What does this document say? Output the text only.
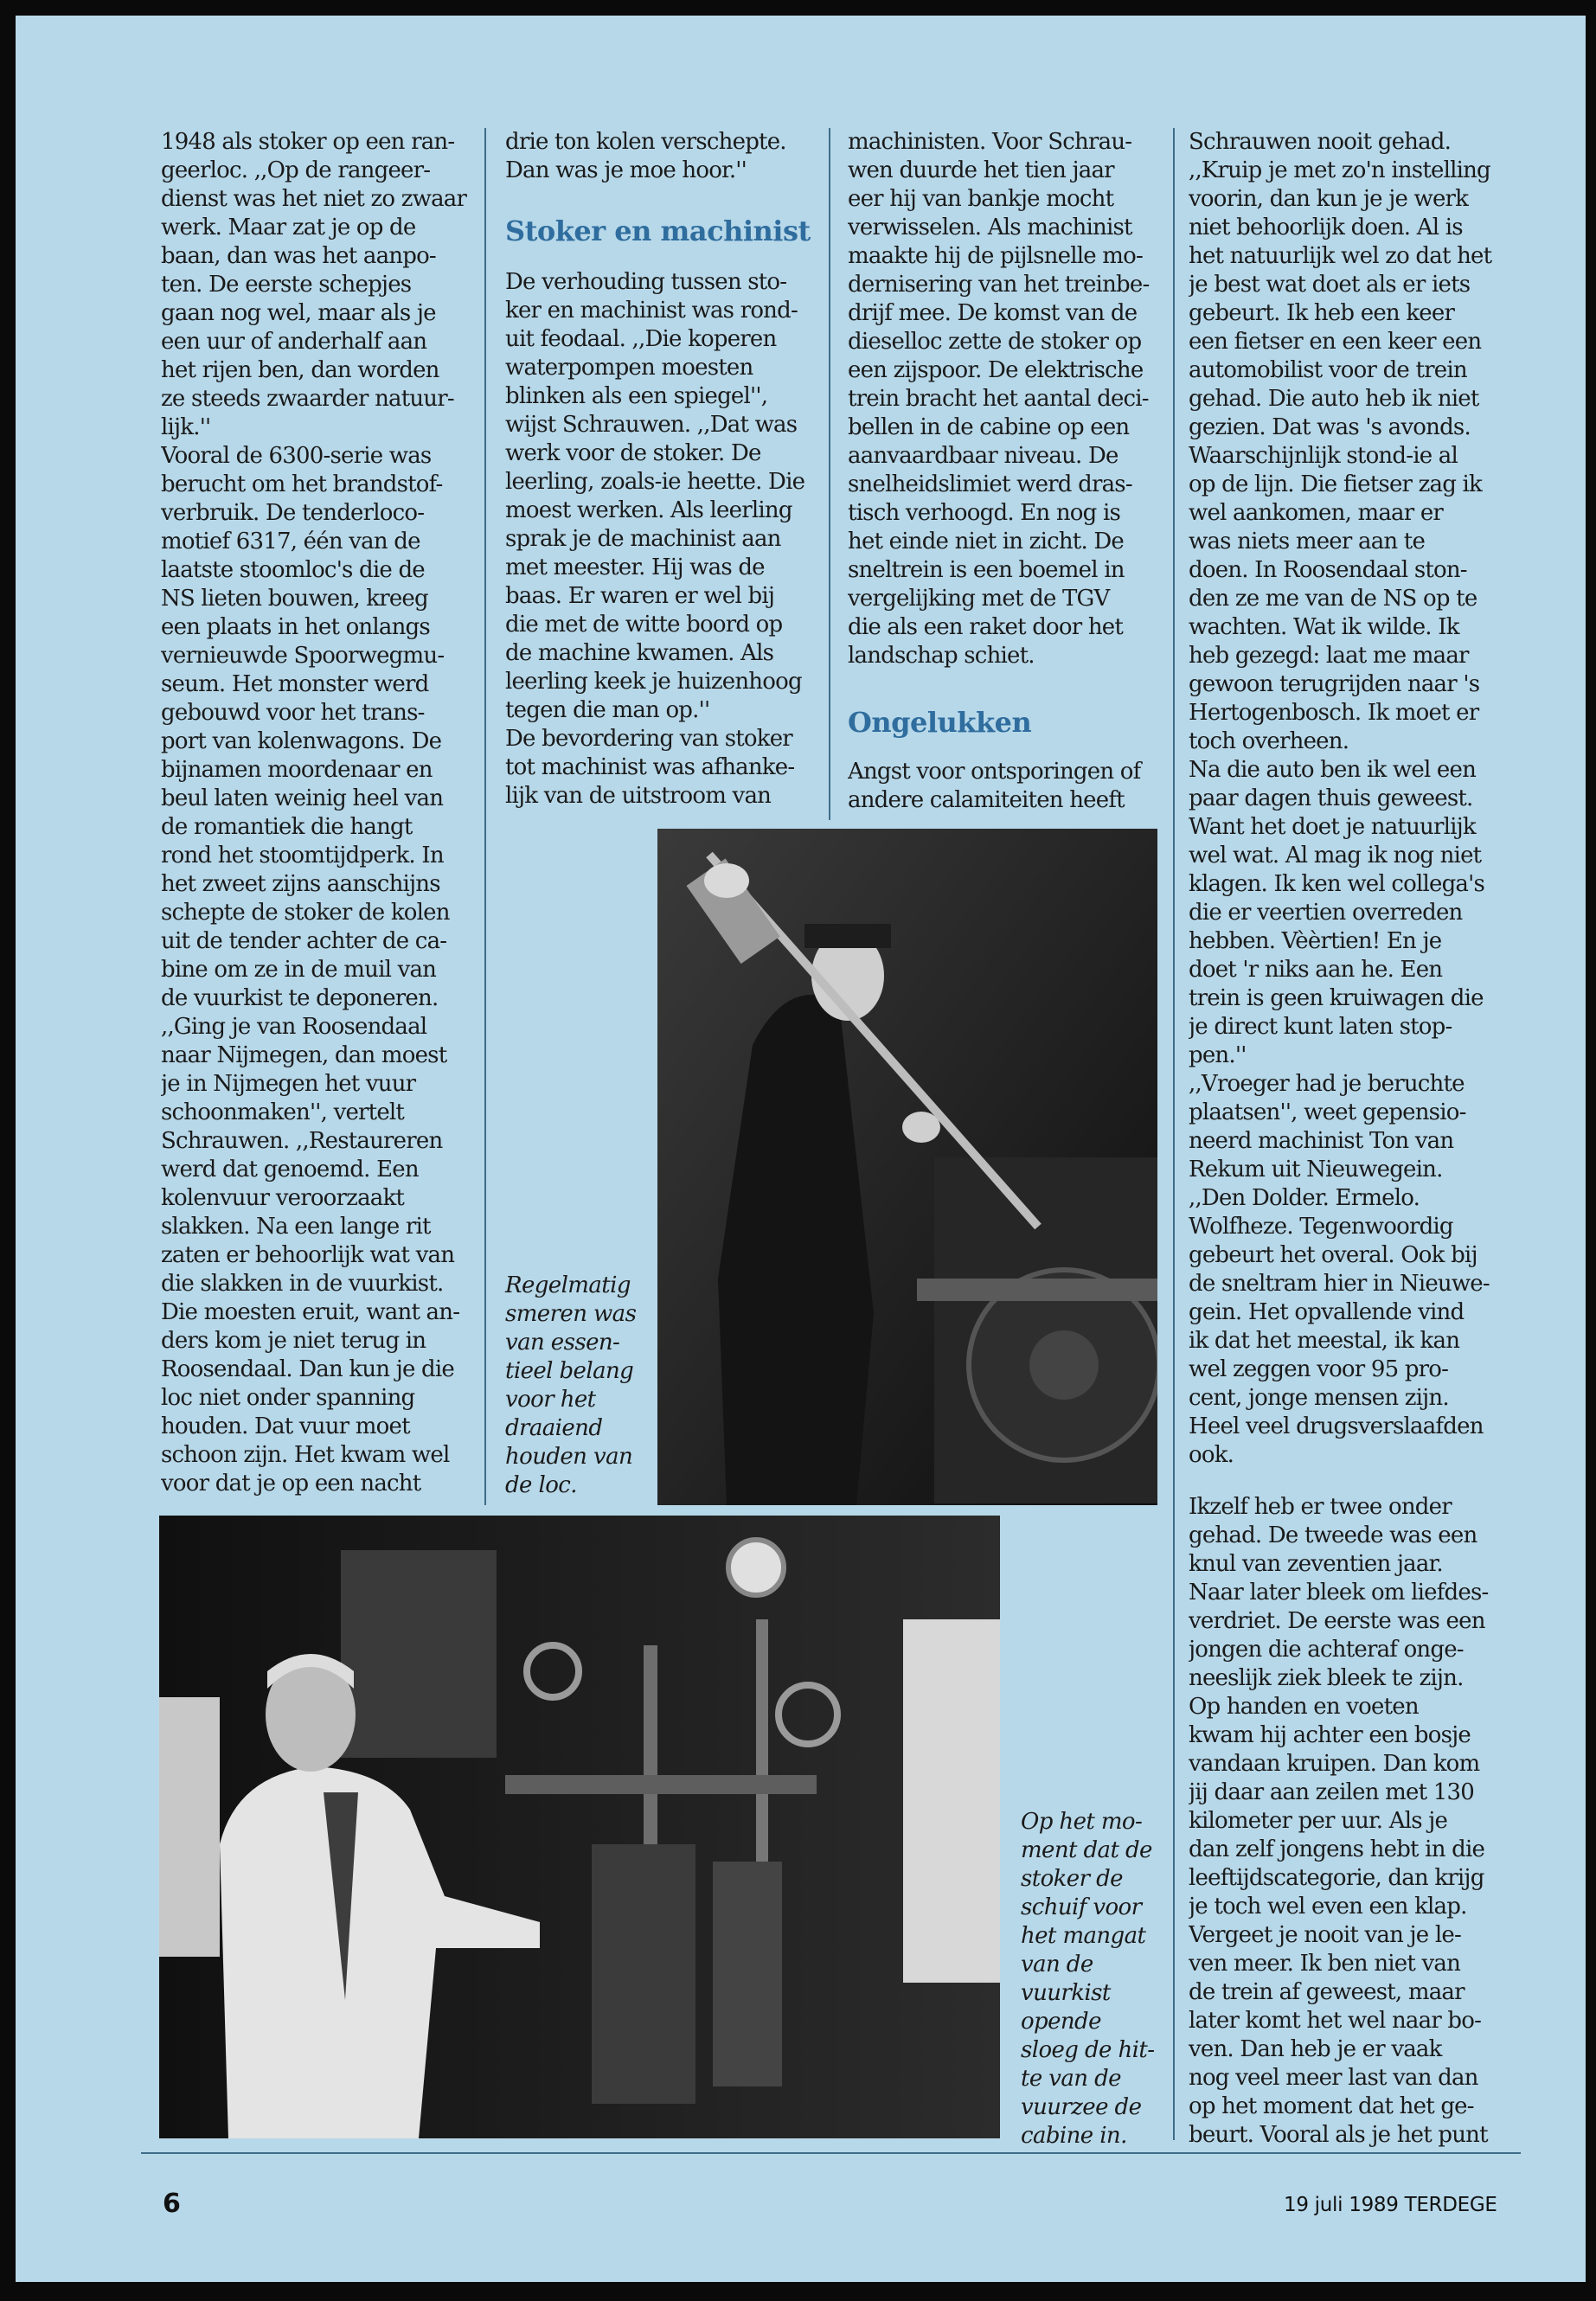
1948 als stoker op een ran-
geerloc. ,,Op de rangeer-
dienst was het niet zo zwaar
werk. Maar zat je op de
baan, dan was het aanpo-
ten. De eerste schepjes
gaan nog wel, maar als je
een uur of anderhalf aan
het rijen ben, dan worden
ze steeds zwaarder natuur-
lijk.''
Vooral de 6300-serie was
berucht om het brandstof-
verbruik. De tenderloco-
motief 6317, één van de
laatste stoomloc's die de
NS lieten bouwen, kreeg
een plaats in het onlangs
vernieuwde Spoorwegmu-
seum. Het monster werd
gebouwd voor het trans-
port van kolenwagons. De
bijnamen moordenaar en
beul laten weinig heel van
de romantiek die hangt
rond het stoomtijdperk. In
het zweet zijns aanschijns
schepte de stoker de kolen
uit de tender achter de ca-
bine om ze in de muil van
de vuurkist te deponeren.
,,Ging je van Roosendaal
naar Nijmegen, dan moest
je in Nijmegen het vuur
schoonmaken'', vertelt
Schrauwen. ,,Restaureren
werd dat genoemd. Een
kolenvuur veroorzaakt
slakken. Na een lange rit
zaten er behoorlijk wat van
die slakken in de vuurkist.
Die moesten eruit, want an-
ders kom je niet terug in
Roosendaal. Dan kun je die
loc niet onder spanning
houden. Dat vuur moet
schoon zijn. Het kwam wel
voor dat je op een nacht
drie ton kolen verschepte.
Dan was je moe hoor.''
Stoker en machinist
De verhouding tussen sto-
ker en machinist was rond-
uit feodaal. ,,Die koperen
waterpompen moesten
blinken als een spiegel'',
wijst Schrauwen. ,,Dat was
werk voor de stoker. De
leerling, zoals-ie heette. Die
moest werken. Als leerling
sprak je de machinist aan
met meester. Hij was de
baas. Er waren er wel bij
die met de witte boord op
de machine kwamen. Als
leerling keek je huizenhoog
tegen die man op.''
De bevordering van stoker
tot machinist was afhanke-
lijk van de uitstroom van
machinisten. Voor Schrau-
wen duurde het tien jaar
eer hij van bankje mocht
verwisselen. Als machinist
maakte hij de pijlsnelle mo-
dernisering van het treinbe-
drijf mee. De komst van de
dieselloc zette de stoker op
een zijspoor. De elektrische
trein bracht het aantal deci-
bellen in de cabine op een
aanvaardbaar niveau. De
snelheidslimiet werd dras-
tisch verhoogd. En nog is
het einde niet in zicht. De
sneltrein is een boemel in
vergelijking met de TGV
die als een raket door het
landschap schiet.
Ongelukken
Angst voor ontsporingen of
andere calamiteiten heeft
Schrauwen nooit gehad.
,,Kruip je met zo'n instelling
voorin, dan kun je je werk
niet behoorlijk doen. Al is
het natuurlijk wel zo dat het
je best wat doet als er iets
gebeurt. Ik heb een keer
een fietser en een keer een
automobilist voor de trein
gehad. Die auto heb ik niet
gezien. Dat was 's avonds.
Waarschijnlijk stond-ie al
op de lijn. Die fietser zag ik
wel aankomen, maar er
was niets meer aan te
doen. In Roosendaal ston-
den ze me van de NS op te
wachten. Wat ik wilde. Ik
heb gezegd: laat me maar
gewoon terugrijden naar 's
Hertogenbosch. Ik moet er
toch overheen.
Na die auto ben ik wel een
paar dagen thuis geweest.
Want het doet je natuurlijk
wel wat. Al mag ik nog niet
klagen. Ik ken wel collega's
die er veertien overreden
hebben. Vèèrtien! En je
doet 'r niks aan he. Een
trein is geen kruiwagen die
je direct kunt laten stop-
pen.''
,,Vroeger had je beruchte
plaatsen'', weet gepensio-
neerd machinist Ton van
Rekum uit Nieuwegein.
,,Den Dolder. Ermelo.
Wolfheze. Tegenwoordig
gebeurt het overal. Ook bij
de sneltram hier in Nieuwe-
gein. Het opvallende vind
ik dat het meestal, ik kan
wel zeggen voor 95 pro-
cent, jonge mensen zijn.
Heel veel drugsverslaafden
ook.
Ikzelf heb er twee onder
gehad. De tweede was een
knul van zeventien jaar.
Naar later bleek om liefdes-
verdriet. De eerste was een
jongen die achteraf onge-
neeslijk ziek bleek te zijn.
Op handen en voeten
kwam hij achter een bosje
vandaan kruipen. Dan kom
jij daar aan zeilen met 130
kilometer per uur. Als je
dan zelf jongens hebt in die
leeftijdscategorie, dan krijg
je toch wel even een klap.
Vergeet je nooit van je le-
ven meer. Ik ben niet van
de trein af geweest, maar
later komt het wel naar bo-
ven. Dan heb je er vaak
nog veel meer last van dan
op het moment dat het ge-
beurt. Vooral als je het punt
Regelmatig
smeren was
van essen-
tieel belang
voor het
draaiend
houden van
de loc.
Op het mo-
ment dat de
stoker de
schuif voor
het mangat
van de
vuurkist
opende
sloeg de hit-
te van de
vuurzee de
cabine in.
6	19 juli 1989 TERDEGE
